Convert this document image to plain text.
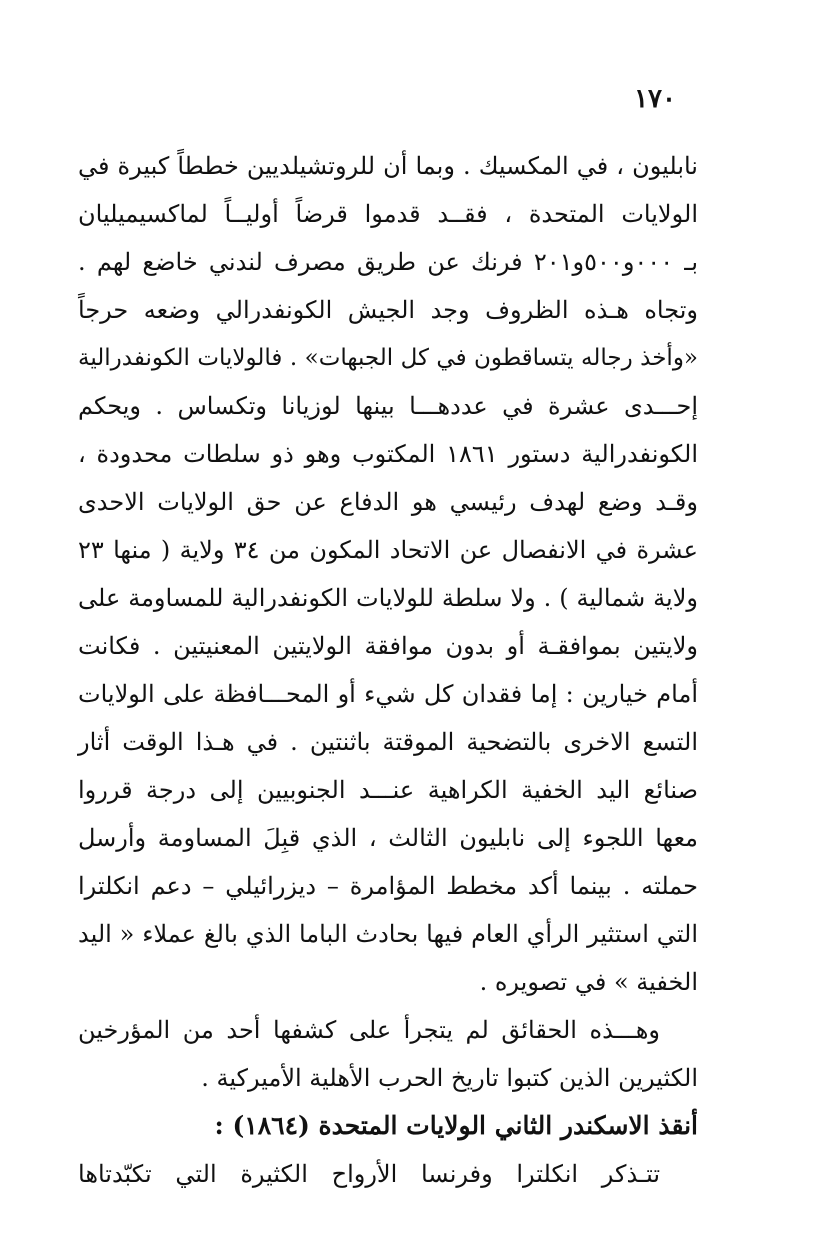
١٧٠
نابليون ، في المكسيك . وبما أن للروتشيلديين خططاً كبيرة في
الولايات المتحدة ، فقــد قدموا قرضاً أوليــاً لماكسيميليان
بـ ٠٠٠و٥٠٠و٢٠١ فرنك عن طريق مصرف لندني خاضع لهم .
وتجاه هـذه الظروف وجد الجيش الكونفدرالي وضعه حرجاً
«وأخذ رجاله يتساقطون في كل الجبهات» . فالولايات الكونفدرالية
إحـــدى عشرة في عددهـــا بينها لوزيانا وتكساس . ويحكم
الكونفدرالية دستور ١٨٦١ المكتوب وهو ذو سلطات محدودة ،
وقـد وضع لهدف رئيسي هو الدفاع عن حق الولايات الاحدى
عشرة في الانفصال عن الاتحاد المكون من ٣٤ ولاية ( منها ٢٣
ولاية شمالية ) . ولا سلطة للولايات الكونفدرالية للمساومة على
ولايتين بموافقـة أو بدون موافقة الولايتين المعنيتين . فكانت
أمام خيارين : إما فقدان كل شيء أو المحـــافظة على الولايات
التسع الاخرى بالتضحية الموقتة باثنتين . في هـذا الوقت أثار
صنائع اليد الخفية الكراهية عنـــد الجنوبيين إلى درجة قرروا
معها اللجوء إلى نابليون الثالث ، الذي قبِلَ المساومة وأرسل
حملته . بينما أكد مخطط المؤامرة – ديزرائيلي – دعم انكلترا
التي استثير الرأي العام فيها بحادث الباما الذي بالغ عملاء « اليد
الخفية » في تصويره .
وهـــذه الحقائق لم يتجرأ على كشفها أحد من المؤرخين
الكثيرين الذين كتبوا تاريخ الحرب الأهلية الأميركية .
أنقذ الاسكندر الثاني الولايات المتحدة (١٨٦٤) :
تتـذكر انكلترا وفرنسا الأرواح الكثيرة التي تكبّدتاها
